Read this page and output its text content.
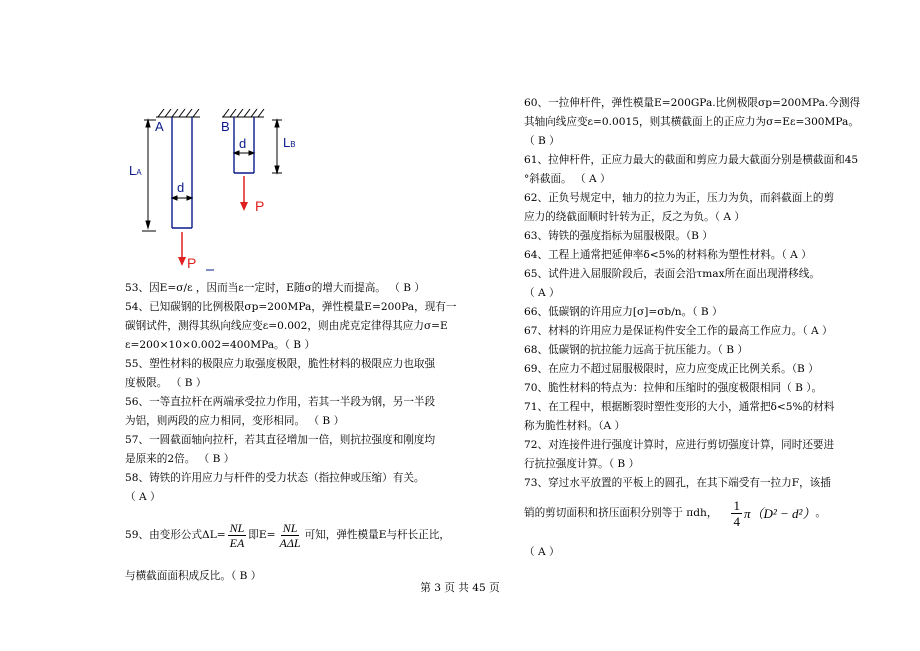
A
LA
d
P
B
LB
d
P
53、因E=σ/ε ，因而当ε一定时，E随σ的增大而提高。 （ B ）
54、已知碳钢的比例极限σp=200MPa，弹性模量E=200Pa，现有一
碳钢试件，测得其纵向线应变ε=0.002，则由虎克定律得其应力σ=E
ε=200×10×0.002=400MPa。（ B ）
55、塑性材料的极限应力取强度极限，脆性材料的极限应力也取强
度极限。 （ B ）
56、一等直拉杆在两端承受拉力作用，若其一半段为钢，另一半段
为铝，则两段的应力相同，变形相同。 （ B ）
57、一圆截面轴向拉杆，若其直径增加一倍，则抗拉强度和刚度均
是原来的2倍。 （ B ）
58、铸铁的许用应力与杆件的受力状态（指拉伸或压缩）有关。
（ A ）
59、由变形公式$\Delta L= \frac{NL}{EA}$ 即$E= \frac{NL}{\text{AΔL}}$ 可知，弹性模量E与杆长正比，
与横截面面积成反比。（ B ）
60、一拉伸杆件，弹性模量E=200GPa.比例极限σp=200MPa.今测得
其轴向线应变ε=0.0015，则其横截面上的正应力为σ=Eε=300MPa。
（ B ）
61、拉伸杆件，正应力最大的截面和剪应力最大截面分别是横截面和45
°斜截面。 （ A ）
62、正负号规定中，轴力的拉力为正，压力为负，而斜截面上的剪
应力的绕截面顺时针转为正，反之为负。（ A ）
63、铸铁的强度指标为屈服极限。（B ）
64、工程上通常把延伸率δ<5%的材料称为塑性材料。（ A ）
65、试件进入屈服阶段后，表面会沿τmax所在面出现滑移线。
（ A ）
66、低碳钢的许用应力[σ]=σb/n。（ B ）
67、材料的许用应力是保证构件安全工作的最高工作应力。（ A ）
68、低碳钢的抗拉能力远高于抗压能力。（ B ）
69、在应力不超过屈服极限时，应力应变成正比例关系。（B ）
70、脆性材料的特点为：拉伸和压缩时的强度极限相同（ B ）。
71、在工程中，根据断裂时塑性变形的大小，通常把δ<5%的材料
称为脆性材料。（A ）
72、对连接件进行强度计算时，应进行剪切强度计算，同时还要进
行抗拉强度计算。（ B ）
73、穿过水平放置的平板上的圆孔，在其下端受有一拉力F，该插
销的剪切面积和挤压面积分别等于 πdh， $\frac{1}{4} \pi(D^2 - d^2)$ 。
（ A ）
第 3 页 共 45 页
